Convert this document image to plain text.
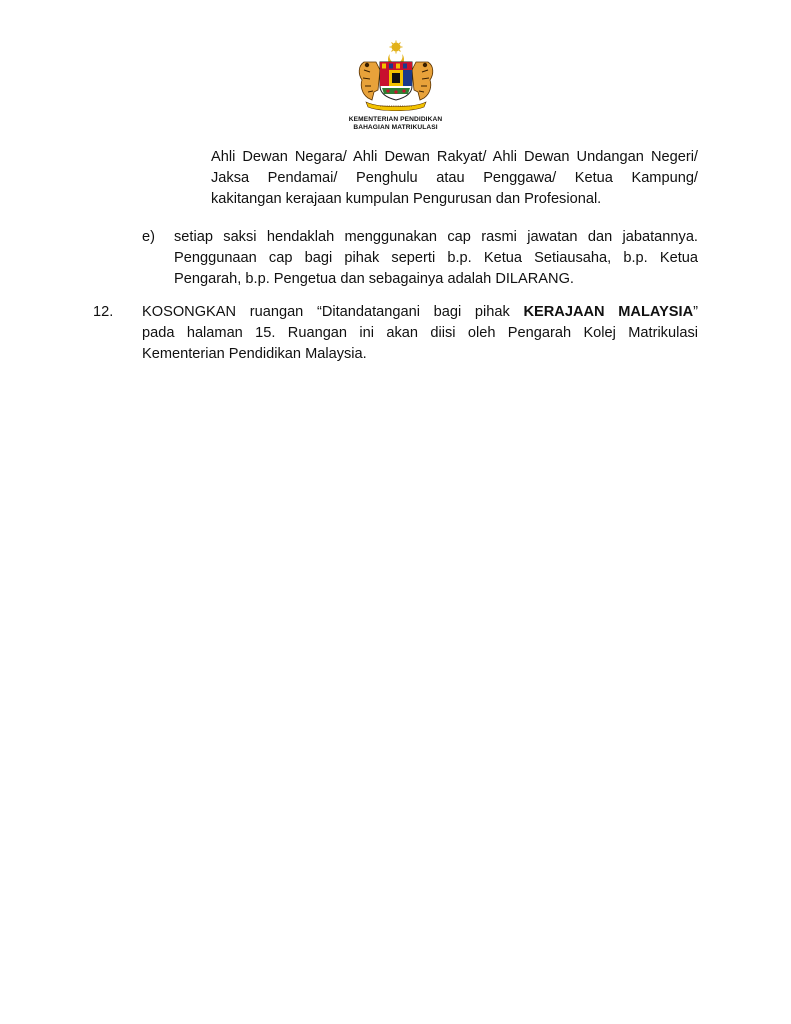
KEMENTERIAN PENDIDIKAN
BAHAGIAN MATRIKULASI
Ahli Dewan Negara/ Ahli Dewan Rakyat/ Ahli Dewan Undangan Negeri/
Jaksa Pendamai/ Penghulu atau Penggawa/ Ketua Kampung/
kakitangan kerajaan kumpulan Pengurusan dan Profesional.
e) setiap saksi hendaklah menggunakan cap rasmi jawatan dan jabatannya.
Penggunaan cap bagi pihak seperti b.p. Ketua Setiausaha, b.p. Ketua
Pengarah, b.p. Pengetua dan sebagainya adalah DILARANG.
12. KOSONGKAN ruangan “Ditandatangani bagi pihak KERAJAAN MALAYSIA”
pada halaman 15. Ruangan ini akan diisi oleh Pengarah Kolej Matrikulasi
Kementerian Pendidikan Malaysia.
